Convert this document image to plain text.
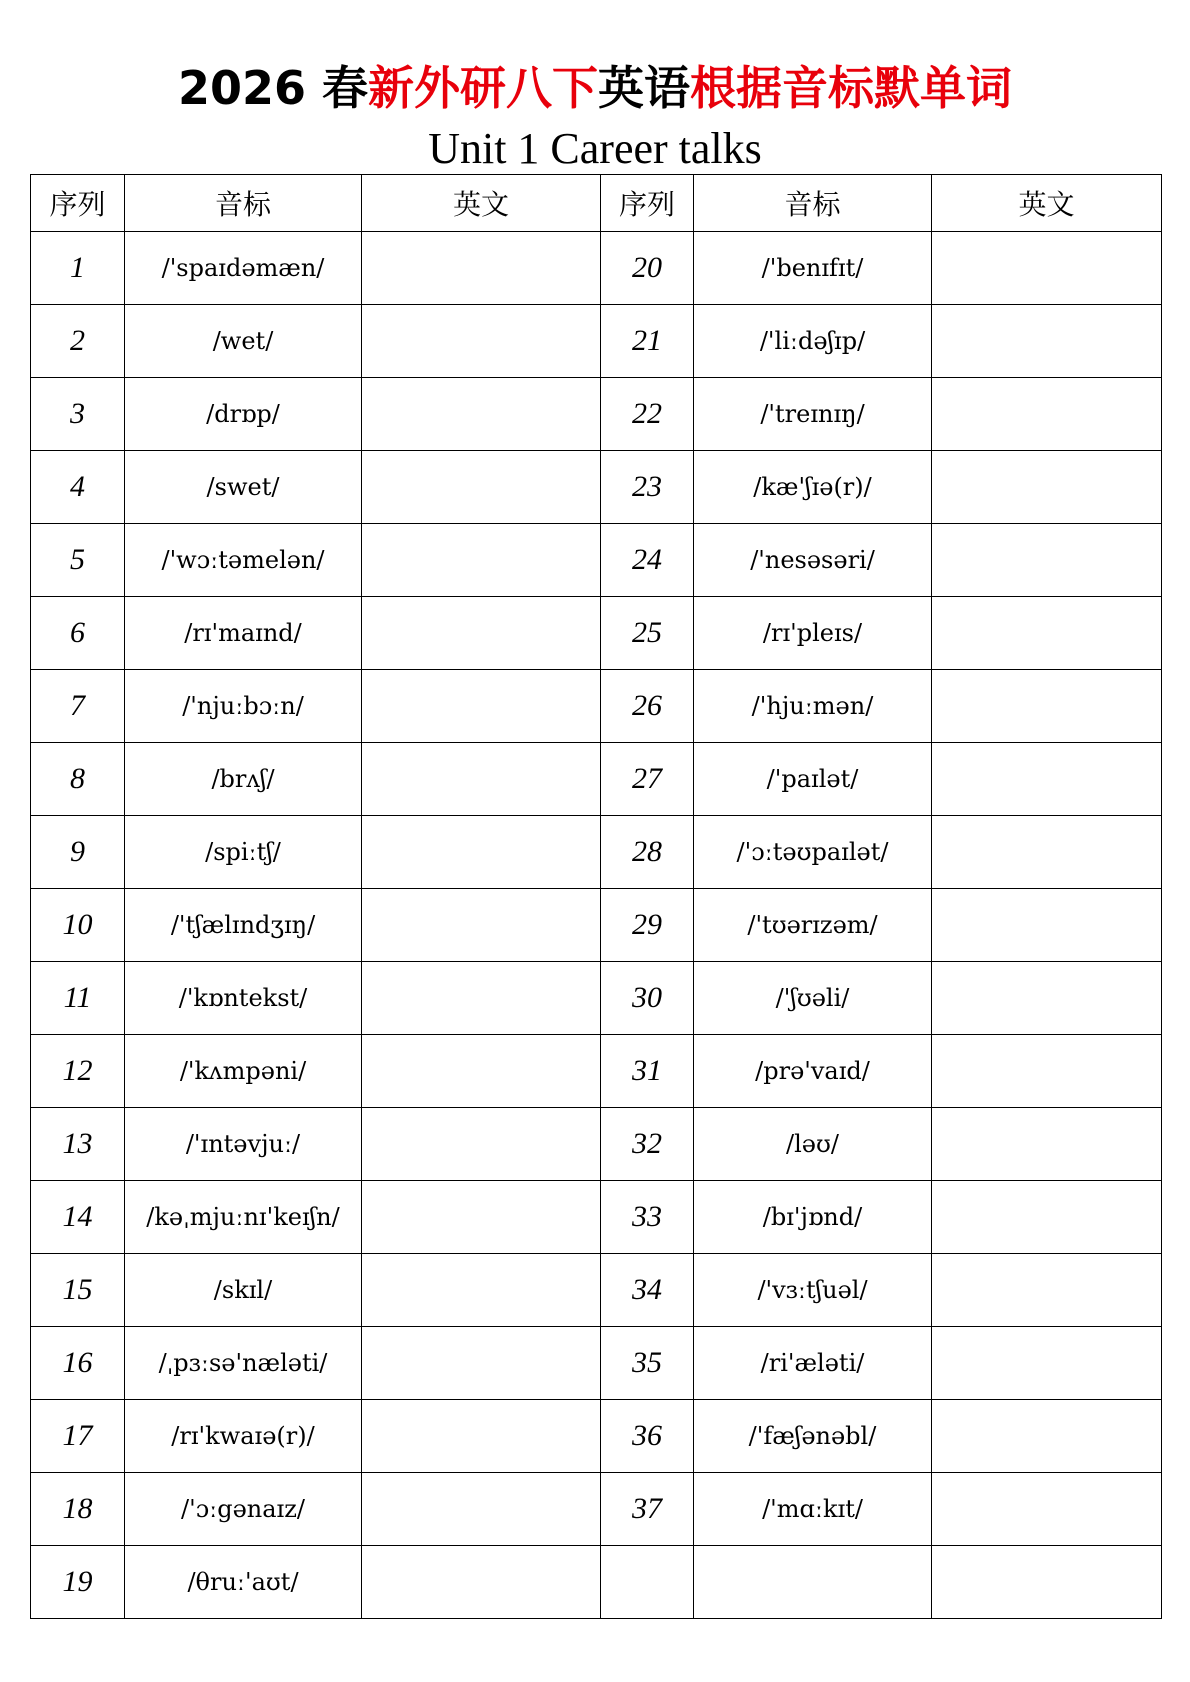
2026 春新外研八下英语根据音标默单词
Unit 1 Career talks
序列	音标	英文	序列	音标	英文
1	/'spaɪdəmæn/		20	/'benɪfɪt/	
2	/wet/		21	/'liːdəʃɪp/	
3	/drɒp/		22	/'treɪnɪŋ/	
4	/swet/		23	/kæ'ʃɪə(r)/	
5	/'wɔːtəmelən/		24	/'nesəsəri/	
6	/rɪ'maɪnd/		25	/rɪ'pleɪs/	
7	/'njuːbɔːn/		26	/'hjuːmən/	
8	/brʌʃ/		27	/'paɪlət/	
9	/spiːtʃ/		28	/'ɔːtəʊpaɪlət/	
10	/'tʃælɪndʒɪŋ/		29	/'tʊərɪzəm/	
11	/'kɒntekst/		30	/'ʃʊəli/	
12	/'kʌmpəni/		31	/prə'vaɪd/	
13	/'ɪntəvjuː/		32	/ləʊ/	
14	/kəˌmjuːnɪ'keɪʃn/		33	/bɪ'jɒnd/	
15	/skɪl/		34	/'vɜːtʃuəl/	
16	/ˌpɜːsə'næləti/		35	/ri'æləti/	
17	/rɪ'kwaɪə(r)/		36	/'fæʃənəbl/	
18	/'ɔːgənaɪz/		37	/'mɑːkɪt/	
19	/θruː'aʊt/				
